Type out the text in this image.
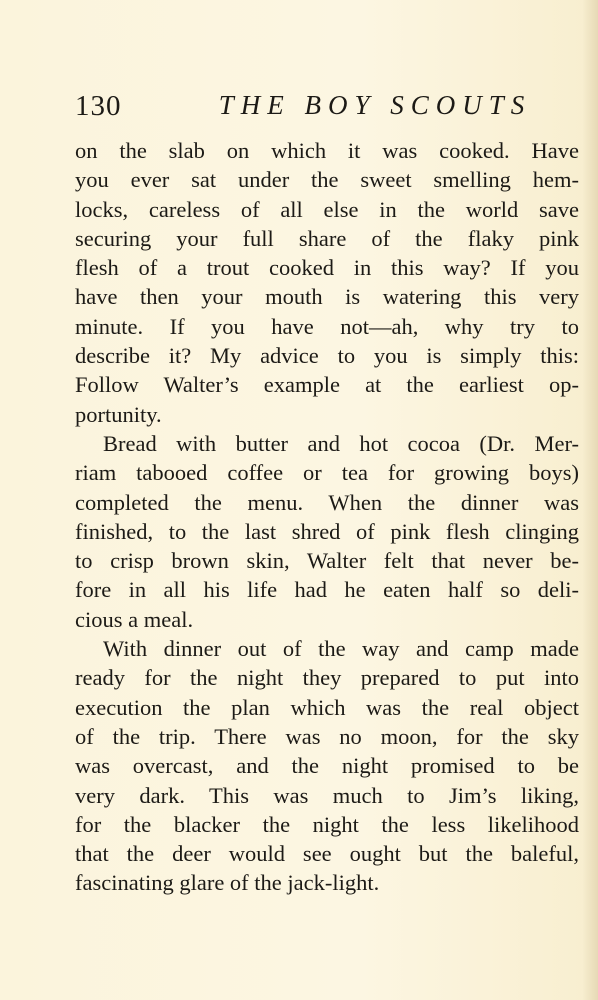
130	THE BOY SCOUTS
on the slab on which it was cooked. Have
you ever sat under the sweet smelling hem-
locks, careless of all else in the world save
securing your full share of the flaky pink
flesh of a trout cooked in this way? If you
have then your mouth is watering this very
minute. If you have not—ah, why try to
describe it? My advice to you is simply this:
Follow Walter’s example at the earliest op-
portunity.
Bread with butter and hot cocoa (Dr. Mer-
riam tabooed coffee or tea for growing boys)
completed the menu. When the dinner was
finished, to the last shred of pink flesh clinging
to crisp brown skin, Walter felt that never be-
fore in all his life had he eaten half so deli-
cious a meal.
With dinner out of the way and camp made
ready for the night they prepared to put into
execution the plan which was the real object
of the trip. There was no moon, for the sky
was overcast, and the night promised to be
very dark. This was much to Jim’s liking,
for the blacker the night the less likelihood
that the deer would see ought but the baleful,
fascinating glare of the jack-light.
